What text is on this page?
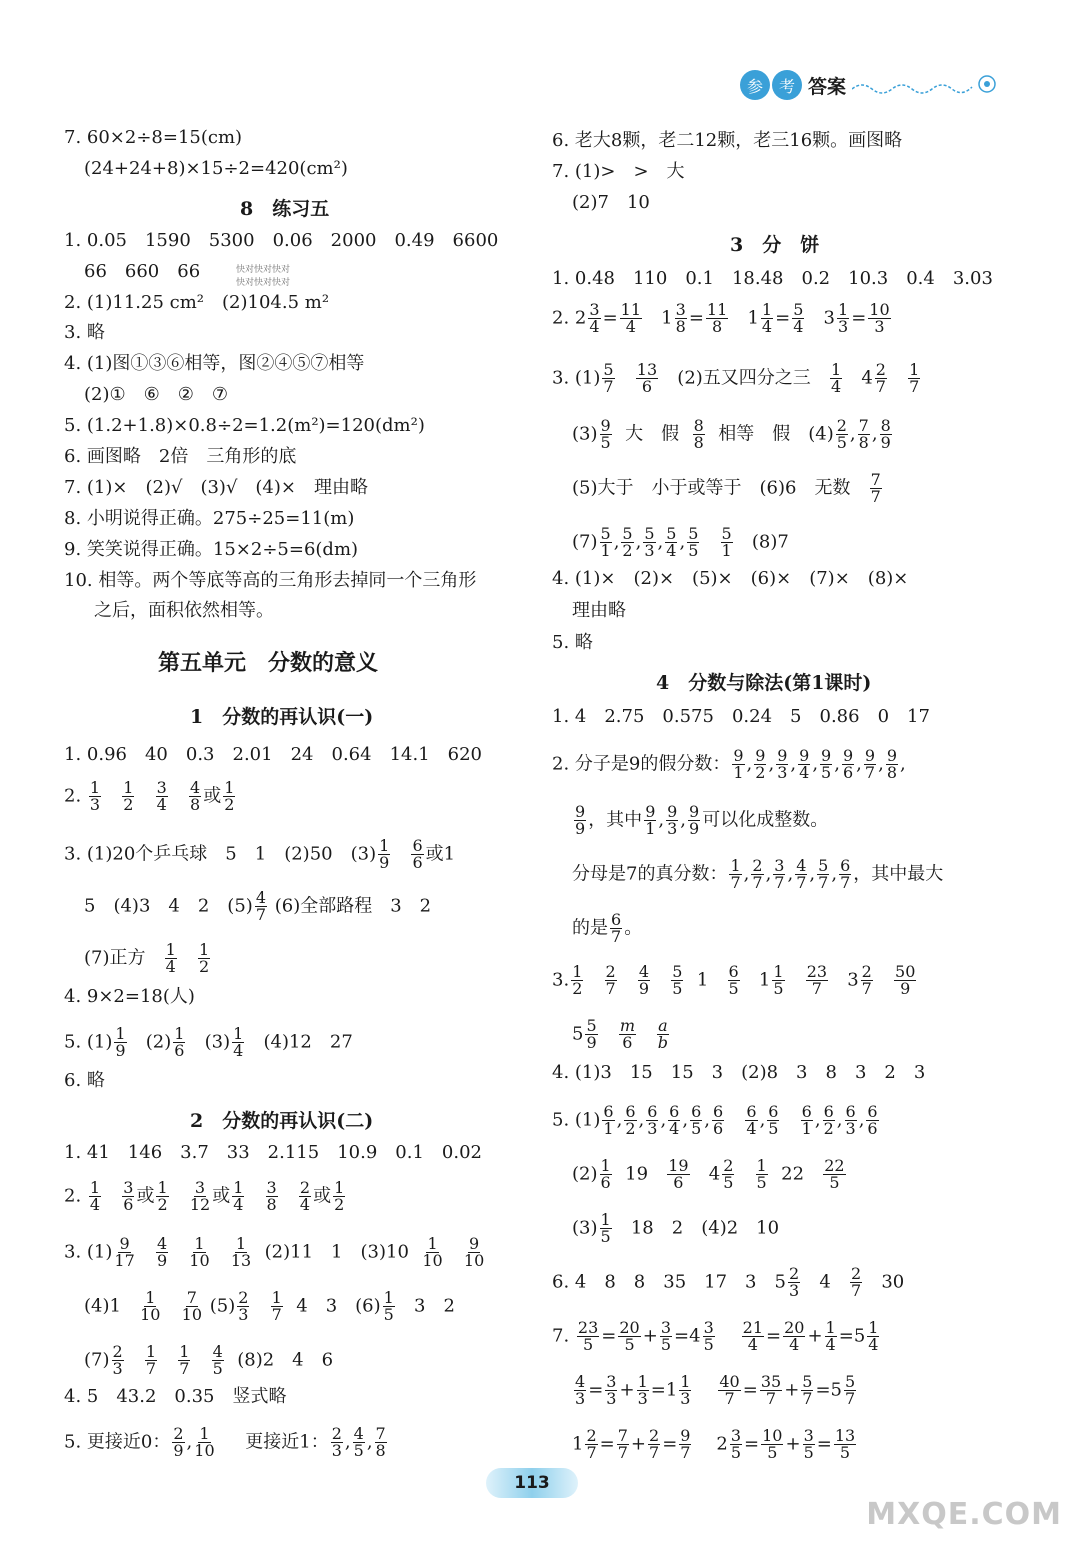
参 考 答案
7. 60×2÷8=15(cm)
(24+24+8)×15÷2=420(cm²)
8　练习五
1. 0.05　1590　5300　0.06　2000　0.49　6600
66　660　66	快对快对快对
快对快对快对
2. (1)11.25 cm²　(2)104.5 m²
3. 略
4. (1)图①③⑥相等，图②④⑤⑦相等
(2)①　⑥　②　⑦
5. (1.2+1.8)×0.8÷2=1.2(m²)=120(dm²)
6. 画图略　2倍　三角形的底
7. (1)×　(2)√　(3)√　(4)×　理由略
8. 小明说得正确。275÷25=11(m)
9. 笑笑说得正确。15×2÷5=6(dm)
10. 相等。两个等底等高的三角形去掉同一个三角形
之后，面积依然相等。
第五单元　分数的意义
1　分数的再认识(一)
1. 0.96　40　0.3　2.01　24　0.64　14.1　620
2. $\frac{1}{3}$
$\frac{1}{2}$
$\frac{3}{4}$
$\frac{4}{8}$ 或 $\frac{1}{2}$
3. (1)20个乒乓球　5　1　(2)50　$(3) \frac{1}{9}$
$\frac{6}{6}$ 或1
5　(4)3　4　2　$(5) \frac{4}{7} (6)$全部路程　3　2
(7)正方 $\frac{1}{4}$
$\frac{1}{2}$
4. 9×2=18(人)
5. $(1) \frac{1}{9} (2) \frac{1}{6} (3) \frac{1}{4} (4)12$　27
6. 略
2　分数的再认识(二)
1. 41　146　3.7　33　2.115　10.9　0.1　0.02
2. $\frac{1}{4}$
$\frac{3}{6}$ 或 $\frac{1}{2}$
$\frac{3}{12}$ 或 $\frac{1}{4}$
$\frac{3}{8}$
$\frac{2}{4}$ 或 $\frac{1}{2}$
3. $(1) \frac{9}{17}$
$\frac{4}{9}$
$\frac{1}{10}$
$\frac{1}{13} (2)11$　1　$(3)10 \frac{1}{10}$
$\frac{9}{10}$
$(4)1 \frac{1}{10}$
$\frac{7}{10} (5) \frac{2}{3}$
$\frac{1}{7} 4$　3　$(6) \frac{1}{5} 3$　2
$(7) \frac{2}{3}$
$\frac{1}{7}$
$\frac{1}{7}$
$\frac{4}{5} (8)2$　4　6
4. 5　43.2　0.35　竖式略
5. 更接近0： $\frac{2}{9}$ , $\frac{1}{10}$ 更接近1： $\frac{2}{3}$ , $\frac{4}{5}$ , $\frac{7}{8}$
6. 老大8颗，老二12颗，老三16颗。画图略
7. (1)>　>　大
(2)7　10
3　分　饼
1. 0.48　110　0.1　18.48　0.2　10.3　0.4　3.03
2. $2 \frac{3}{4} = \frac{11}{4} 1 \frac{3}{8} = \frac{11}{8} 1 \frac{1}{4} = \frac{5}{4} 3 \frac{1}{3} = \frac{10}{3}$
3. $(1) \frac{5}{7}$
$\frac{13}{6} (2)$五又四分之三 $\frac{1}{4} 4 \frac{2}{7}$
$\frac{1}{7}$
$(3) \frac{9}{5}$ 大　假 $\frac{8}{8}$ 相等　假　$(4) \frac{2}{5}$ , $\frac{7}{8}$ , $\frac{8}{9}$
(5)大于　小于或等于　(6)6　无数 $\frac{7}{7}$
$(7) \frac{5}{1}$ , $\frac{5}{2}$ , $\frac{5}{3}$ , $\frac{5}{4}$ , $\frac{5}{5}$
$\frac{5}{1} (8)7$
4. (1)×　(2)×　(5)×　(6)×　(7)×　(8)×
理由略
5. 略
4　分数与除法(第1课时)
1. 4　2.75　0.575　0.24　5　0.86　0　17
2. 分子是9的假分数： $\frac{9}{1}$ , $\frac{9}{2}$ , $\frac{9}{3}$ , $\frac{9}{4}$ , $\frac{9}{5}$ , $\frac{9}{6}$ , $\frac{9}{7}$ , $\frac{9}{8}$ ,
$\frac{9}{9}$ ，其中 $\frac{9}{1}$ , $\frac{9}{3}$ , $\frac{9}{9}$ 可以化成整数。
分母是7的真分数： $\frac{1}{7}$ , $\frac{2}{7}$ , $\frac{3}{7}$ , $\frac{4}{7}$ , $\frac{5}{7}$ , $\frac{6}{7}$ ，其中最大
的是 $\frac{6}{7}$ 。
3. $\frac{1}{2}$
$\frac{2}{7}$
$\frac{4}{9}$
$\frac{5}{5} 1 \frac{6}{5} 1 \frac{1}{5}$
$\frac{23}{7} 3 \frac{2}{7}$
$\frac{50}{9}$
$5 \frac{5}{9}$
$\frac{m}{6}$
$\frac{a}{b}$
4. (1)3　15　15　3　(2)8　3　8　3　2　3
5. $(1) \frac{6}{1}$ , $\frac{6}{2}$ , $\frac{6}{3}$ , $\frac{6}{4}$ , $\frac{6}{5}$ , $\frac{6}{6}$
$\frac{6}{4}$ , $\frac{6}{5}$
$\frac{6}{1}$ , $\frac{6}{2}$ , $\frac{6}{3}$ , $\frac{6}{6}$
$(2) \frac{1}{6} 19 \frac{19}{6} 4 \frac{2}{5}$
$\frac{1}{5} 22 \frac{22}{5}$
$(3) \frac{1}{5} 18$　2　(4)2　10
6. 4　8　8　35　17　3　$5 \frac{2}{3} 4 \frac{2}{7} 30$
7. $\frac{23}{5} = \frac{20}{5} + \frac{3}{5} =4 \frac{3}{5}$
$\frac{21}{4} = \frac{20}{4} + \frac{1}{4} =5 \frac{1}{4}$
$\frac{4}{3} = \frac{3}{3} + \frac{1}{3} =1 \frac{1}{3}$
$\frac{40}{7} = \frac{35}{7} + \frac{5}{7} =5 \frac{5}{7}$
$1 \frac{2}{7} = \frac{7}{7} + \frac{2}{7} = \frac{9}{7} 2 \frac{3}{5} = \frac{10}{5} + \frac{3}{5} = \frac{13}{5}$
113
MXQE.COM
